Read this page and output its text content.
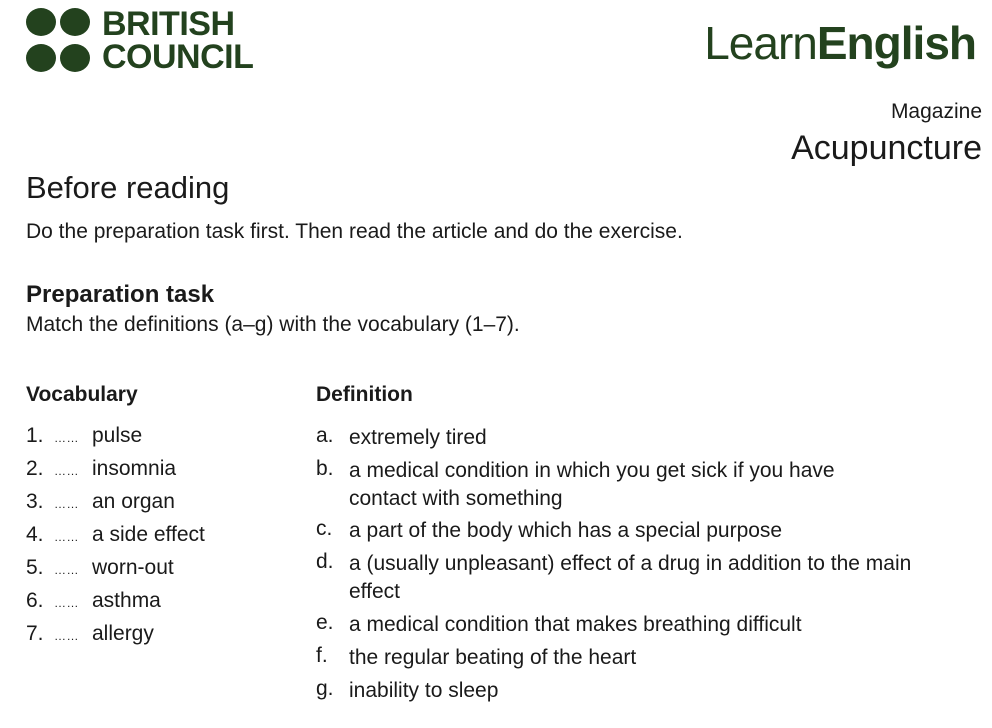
BRITISH
COUNCIL	LearnEnglish
Magazine
Acupuncture
Before reading
Do the preparation task first. Then read the article and do the exercise.
Preparation task
Match the definitions (a–g) with the vocabulary (1–7).
Vocabulary	Definition
1. …… pulse
2. …… insomnia
3. …… an organ
4. …… a side effect
5. …… worn-out
6. …… asthma
7. …… allergy
a. extremely tired
b. a medical condition in which you get sick if you have contact with something
c. a part of the body which has a special purpose
d. a (usually unpleasant) effect of a drug in addition to the main effect
e. a medical condition that makes breathing difficult
f. the regular beating of the heart
g. inability to sleep
